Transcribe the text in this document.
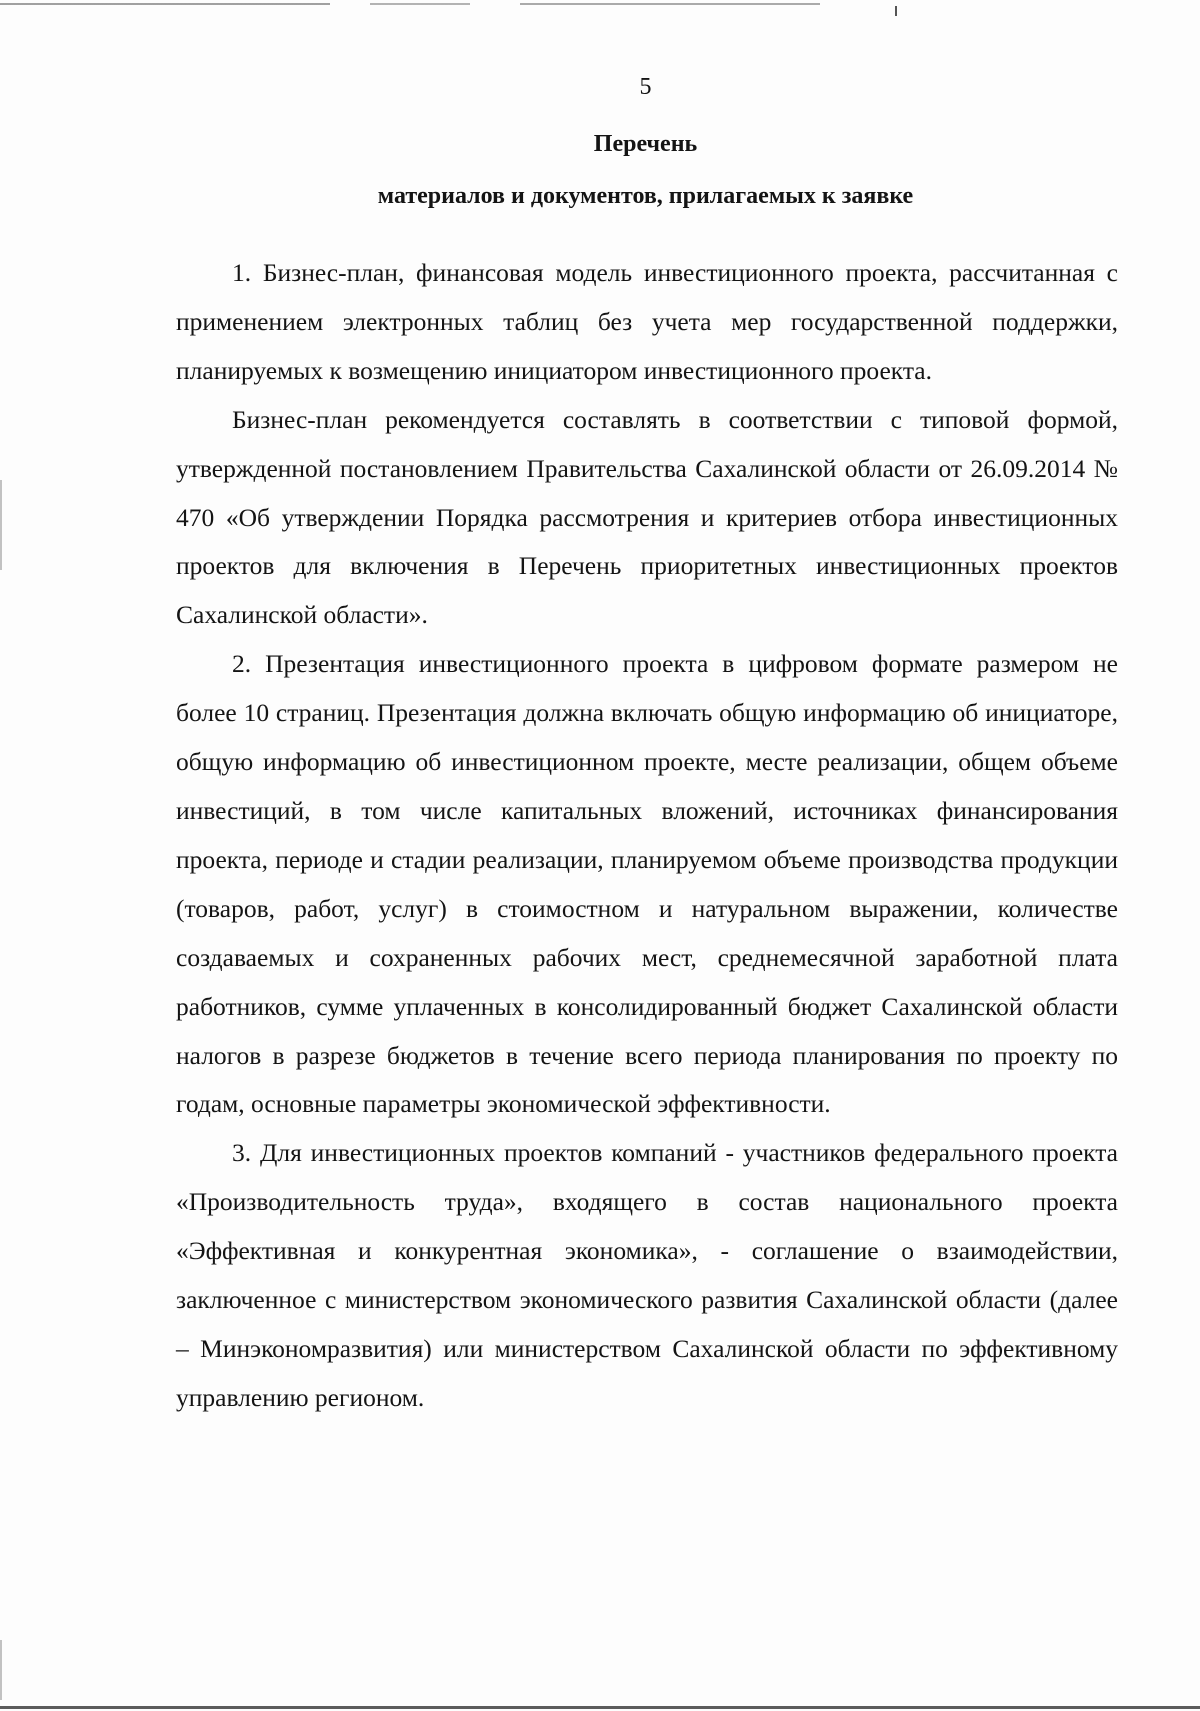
5
Перечень
материалов и документов, прилагаемых к заявке

1. Бизнес-план, финансовая модель инвестиционного проекта, рассчитанная с применением электронных таблиц без учета мер государственной поддержки, планируемых к возмещению инициатором инвестиционного проекта.

Бизнес-план рекомендуется составлять в соответствии с типовой формой, утвержденной постановлением Правительства Сахалинской области от 26.09.2014 № 470 «Об утверждении Порядка рассмотрения и критериев отбора инвестиционных проектов для включения в Перечень приоритетных инвестиционных проектов Сахалинской области».

2. Презентация инвестиционного проекта в цифровом формате размером не более 10 страниц. Презентация должна включать общую информацию об инициаторе, общую информацию об инвестиционном проекте, месте реализации, общем объеме инвестиций, в том числе капитальных вложений, источниках финансирования проекта, периоде и стадии реализации, планируемом объеме производства продукции (товаров, работ, услуг) в стоимостном и натуральном выражении, количестве создаваемых и сохраненных рабочих мест, среднемесячной заработной плата работников, сумме уплаченных в консолидированный бюджет Сахалинской области налогов в разрезе бюджетов в течение всего периода планирования по проекту по годам, основные параметры экономической эффективности.

3. Для инвестиционных проектов компаний - участников федерального проекта «Производительность труда», входящего в состав национального проекта «Эффективная и конкурентная экономика», - соглашение о взаимодействии, заключенное с министерством экономического развития Сахалинской области (далее – Минэкономразвития) или министерством Сахалинской области по эффективному управлению регионом.
